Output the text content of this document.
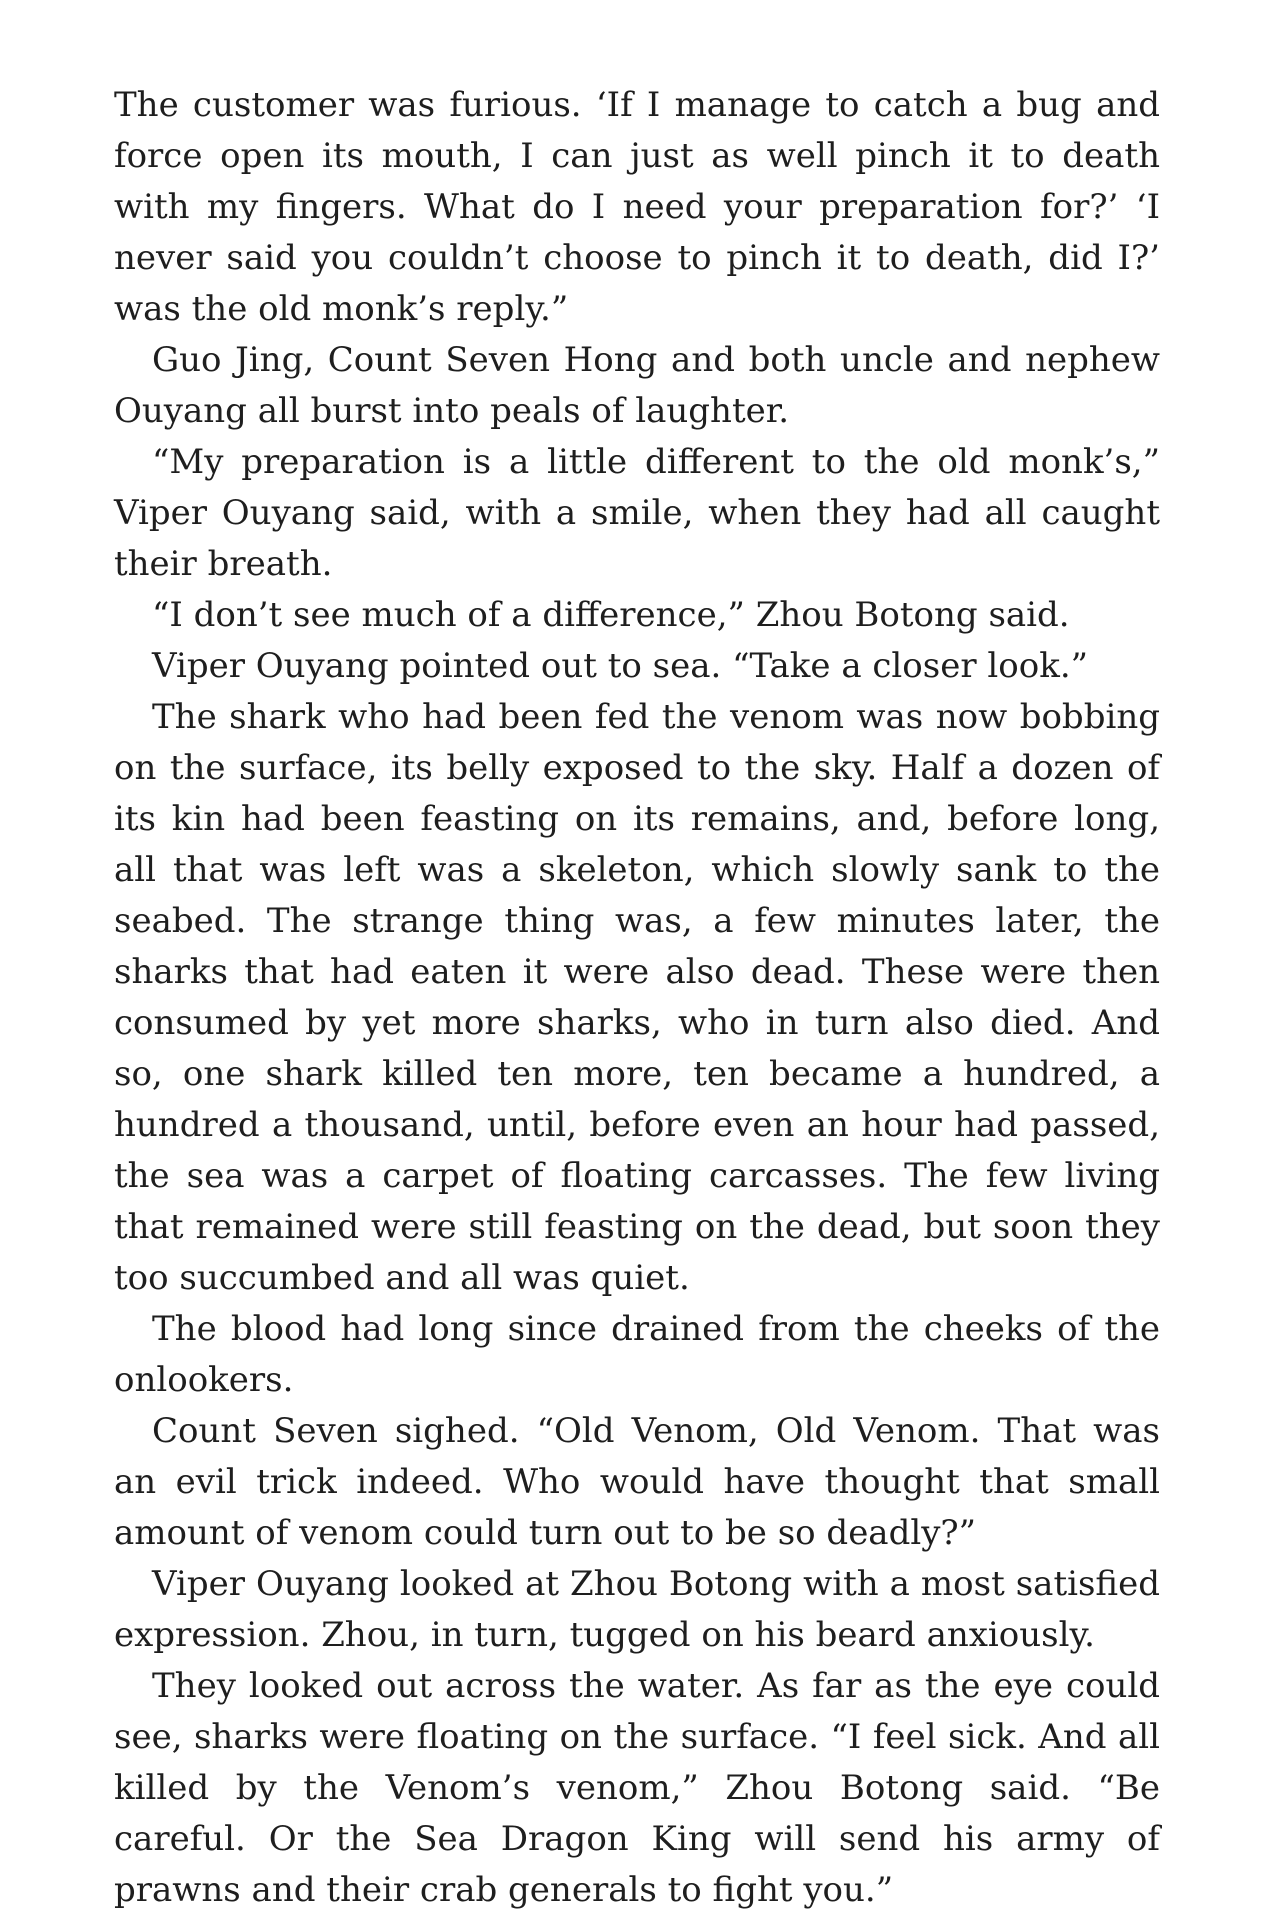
The customer was furious. ‘If I manage to catch a bug and force open its mouth, I can just as well pinch it to death with my fingers. What do I need your preparation for?’ ‘I never said you couldn’t choose to pinch it to death, did I?’ was the old monk’s reply.”

Guo Jing, Count Seven Hong and both uncle and nephew Ouyang all burst into peals of laughter.

“My preparation is a little different to the old monk’s,” Viper Ouyang said, with a smile, when they had all caught their breath.

“I don’t see much of a difference,” Zhou Botong said.

Viper Ouyang pointed out to sea. “Take a closer look.”

The shark who had been fed the venom was now bobbing on the surface, its belly exposed to the sky. Half a dozen of its kin had been feasting on its remains, and, before long, all that was left was a skeleton, which slowly sank to the seabed. The strange thing was, a few minutes later, the sharks that had eaten it were also dead. These were then consumed by yet more sharks, who in turn also died. And so, one shark killed ten more, ten became a hundred, a hundred a thousand, until, before even an hour had passed, the sea was a carpet of floating carcasses. The few living that remained were still feasting on the dead, but soon they too succumbed and all was quiet.

The blood had long since drained from the cheeks of the onlookers.

Count Seven sighed. “Old Venom, Old Venom. That was an evil trick indeed. Who would have thought that small amount of venom could turn out to be so deadly?”

Viper Ouyang looked at Zhou Botong with a most satisfied expression. Zhou, in turn, tugged on his beard anxiously.

They looked out across the water. As far as the eye could see, sharks were floating on the surface. “I feel sick. And all killed by the Venom’s venom,” Zhou Botong said. “Be careful. Or the Sea Dragon King will send his army of prawns and their crab generals to fight you.”
